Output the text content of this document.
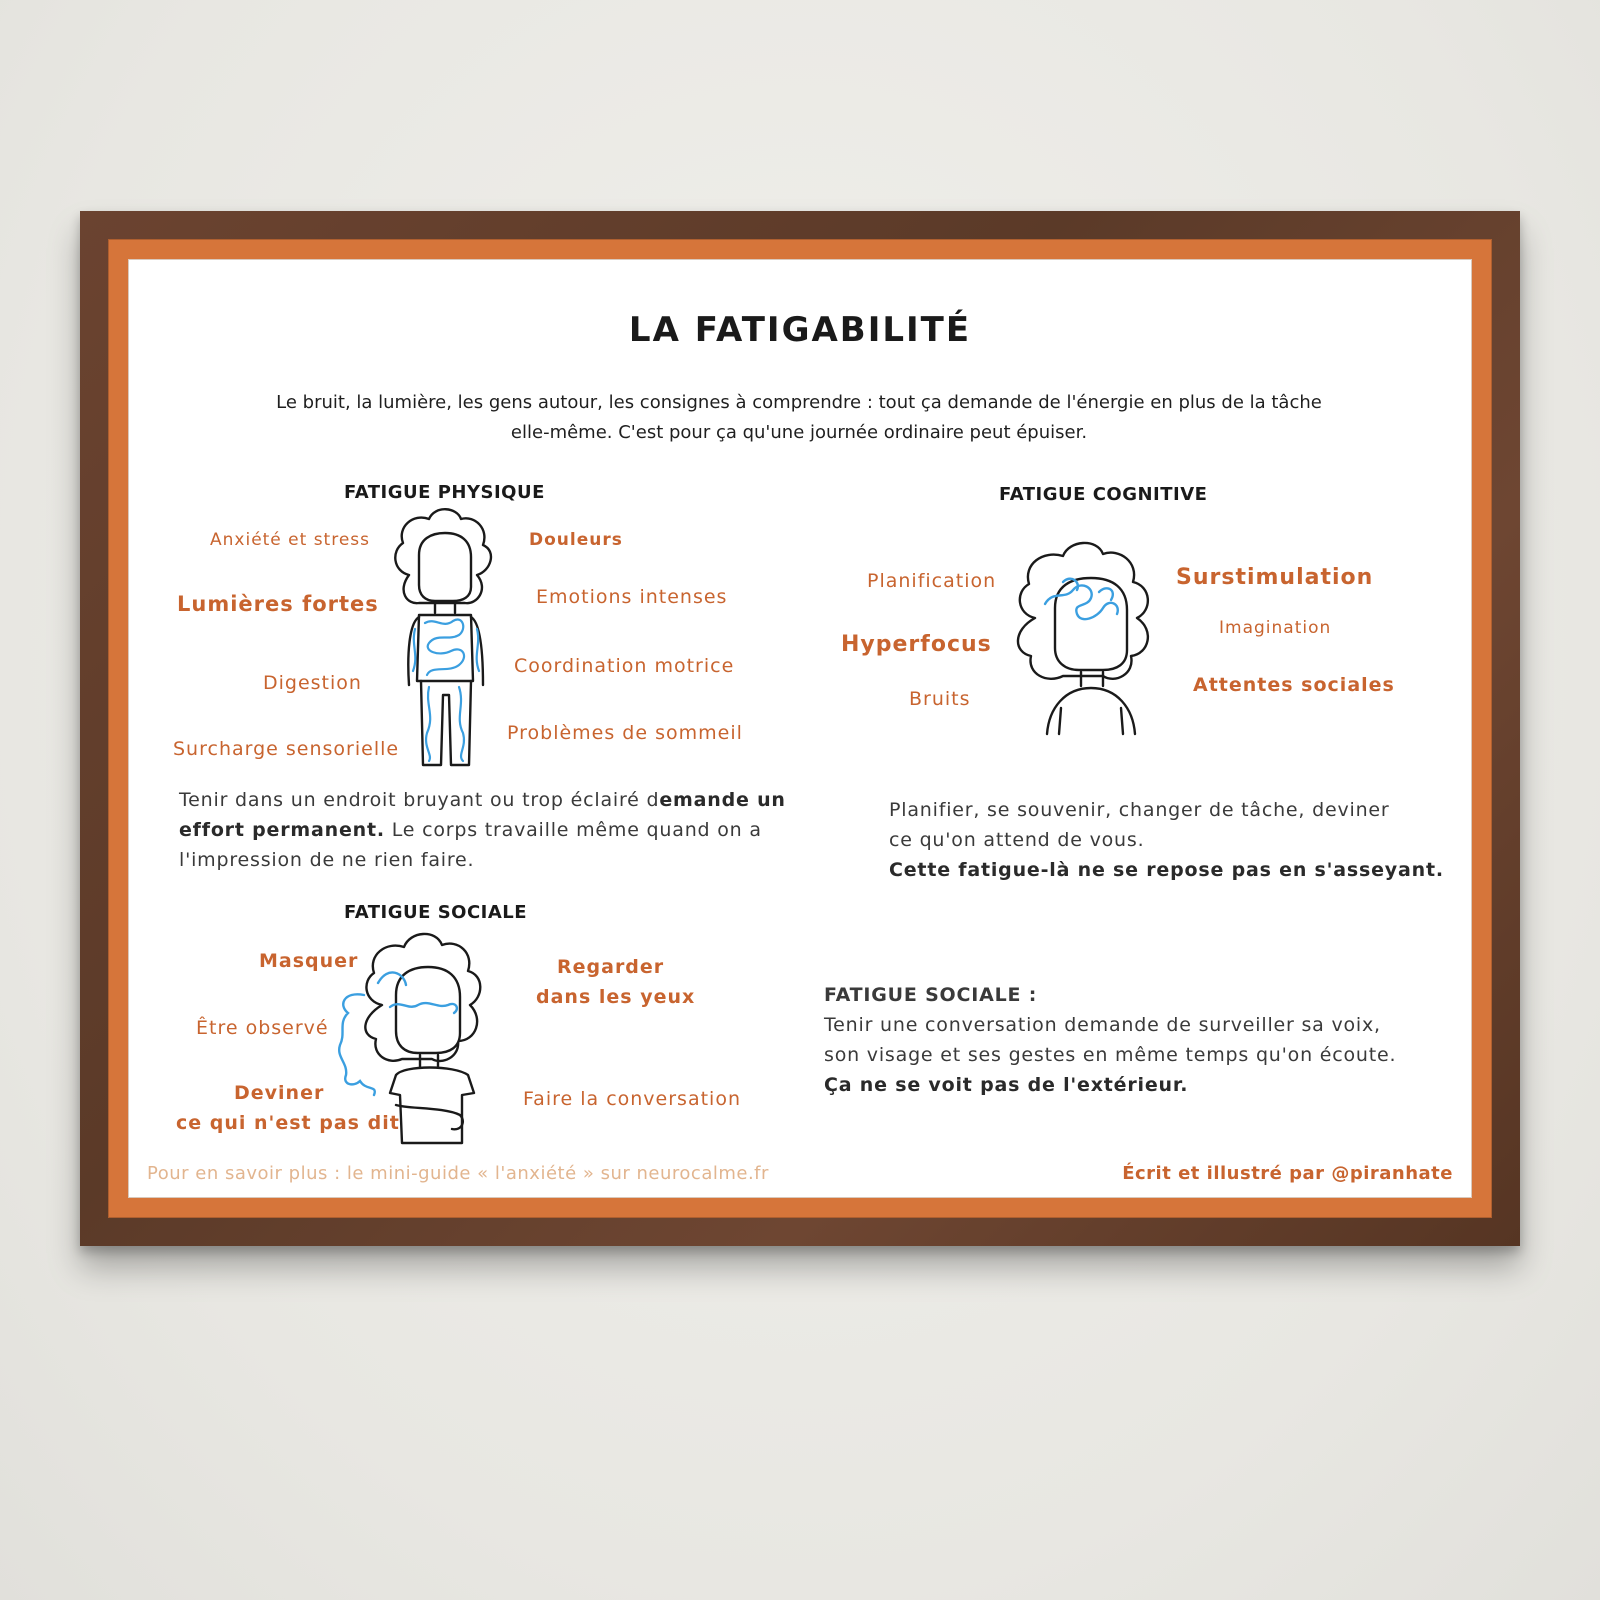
LA FATIGABILITÉ
Le bruit, la lumière, les gens autour, les consignes à comprendre : tout ça demande de l'énergie en plus de la tâche
elle-même. C'est pour ça qu'une journée ordinaire peut épuiser.
FATIGUE PHYSIQUE
Anxiété et stress	Douleurs
Lumières fortes	Emotions intenses
Coordination motrice
Digestion
Problèmes de sommeil
Surcharge sensorielle
Tenir dans un endroit bruyant ou trop éclairé demande un effort permanent. Le corps travaille même quand on a l'impression de ne rien faire.
FATIGUE COGNITIVE
Planification	Surstimulation
Imagination
Hyperfocus
Bruits
Attentes sociales
Planifier, se souvenir, changer de tâche, deviner
ce qu'on attend de vous.
Cette fatigue-là ne se repose pas en s'asseyant.
FATIGUE SOCIALE
Masquer	Regarder
dans les yeux
Être observé
Deviner
ce qui n'est pas dit
Faire la conversation
FATIGUE SOCIALE :
Tenir une conversation demande de surveiller sa voix,
son visage et ses gestes en même temps qu'on écoute.
Ça ne se voit pas de l'extérieur.
Pour en savoir plus : le mini-guide « l'anxiété » sur neurocalme.fr	Écrit et illustré par @piranhate
